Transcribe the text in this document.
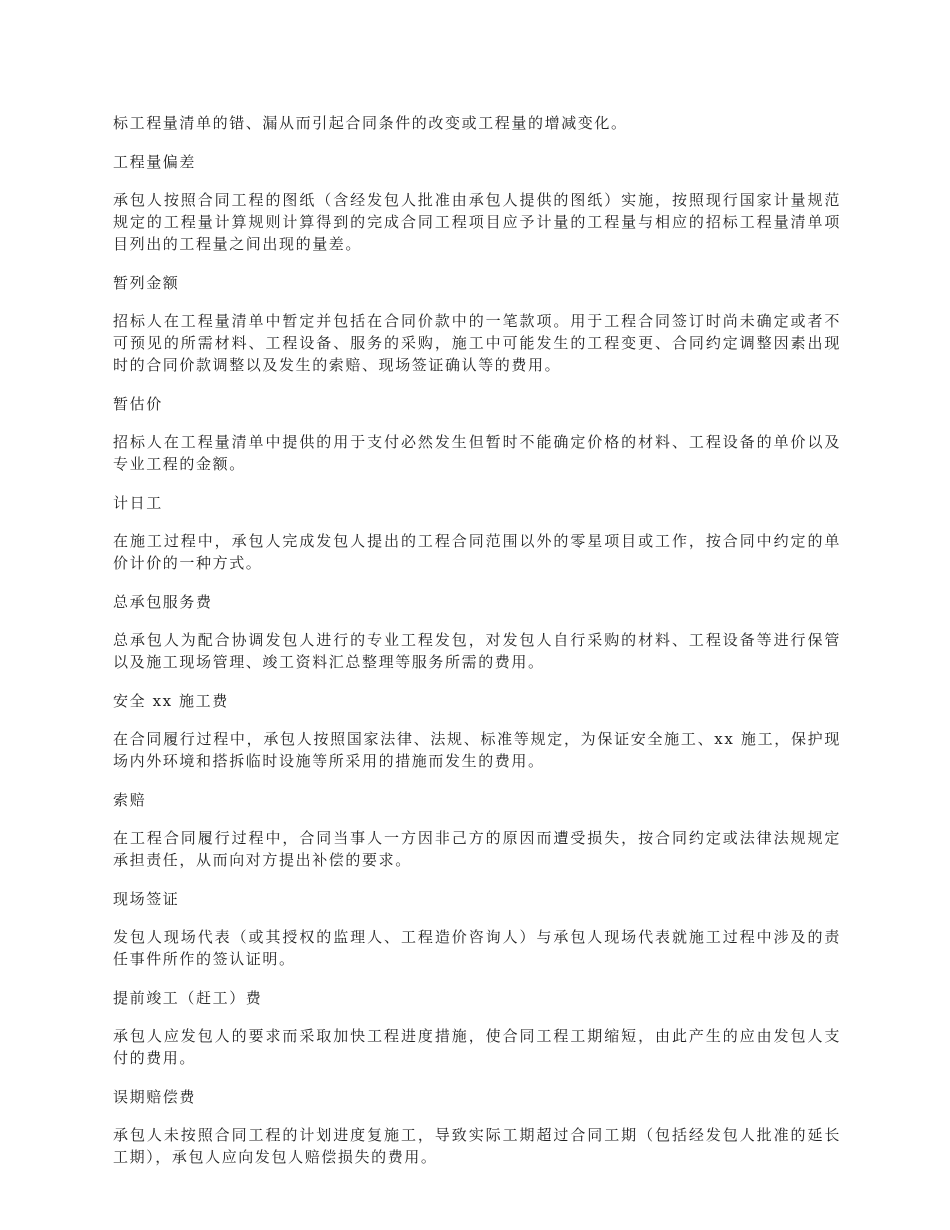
标工程量清单的错、漏从而引起合同条件的改变或工程量的增减变化。

工程量偏差

承包人按照合同工程的图纸（含经发包人批准由承包人提供的图纸）实施，按照现行国家计量规范规定的工程量计算规则计算得到的完成合同工程项目应予计量的工程量与相应的招标工程量清单项目列出的工程量之间出现的量差。

暂列金额

招标人在工程量清单中暂定并包括在合同价款中的一笔款项。用于工程合同签订时尚未确定或者不可预见的所需材料、工程设备、服务的采购，施工中可能发生的工程变更、合同约定调整因素出现时的合同价款调整以及发生的索赔、现场签证确认等的费用。

暂估价

招标人在工程量清单中提供的用于支付必然发生但暂时不能确定价格的材料、工程设备的单价以及专业工程的金额。

计日工

在施工过程中，承包人完成发包人提出的工程合同范围以外的零星项目或工作，按合同中约定的单价计价的一种方式。

总承包服务费

总承包人为配合协调发包人进行的专业工程发包，对发包人自行采购的材料、工程设备等进行保管以及施工现场管理、竣工资料汇总整理等服务所需的费用。

安全 xx 施工费

在合同履行过程中，承包人按照国家法律、法规、标准等规定，为保证安全施工、xx 施工，保护现场内外环境和搭拆临时设施等所采用的措施而发生的费用。

索赔

在工程合同履行过程中，合同当事人一方因非己方的原因而遭受损失，按合同约定或法律法规规定承担责任，从而向对方提出补偿的要求。

现场签证

发包人现场代表（或其授权的监理人、工程造价咨询人）与承包人现场代表就施工过程中涉及的责任事件所作的签认证明。

提前竣工（赶工）费

承包人应发包人的要求而采取加快工程进度措施，使合同工程工期缩短，由此产生的应由发包人支付的费用。

误期赔偿费

承包人未按照合同工程的计划进度复施工，导致实际工期超过合同工期（包括经发包人批准的延长工期），承包人应向发包人赔偿损失的费用。
